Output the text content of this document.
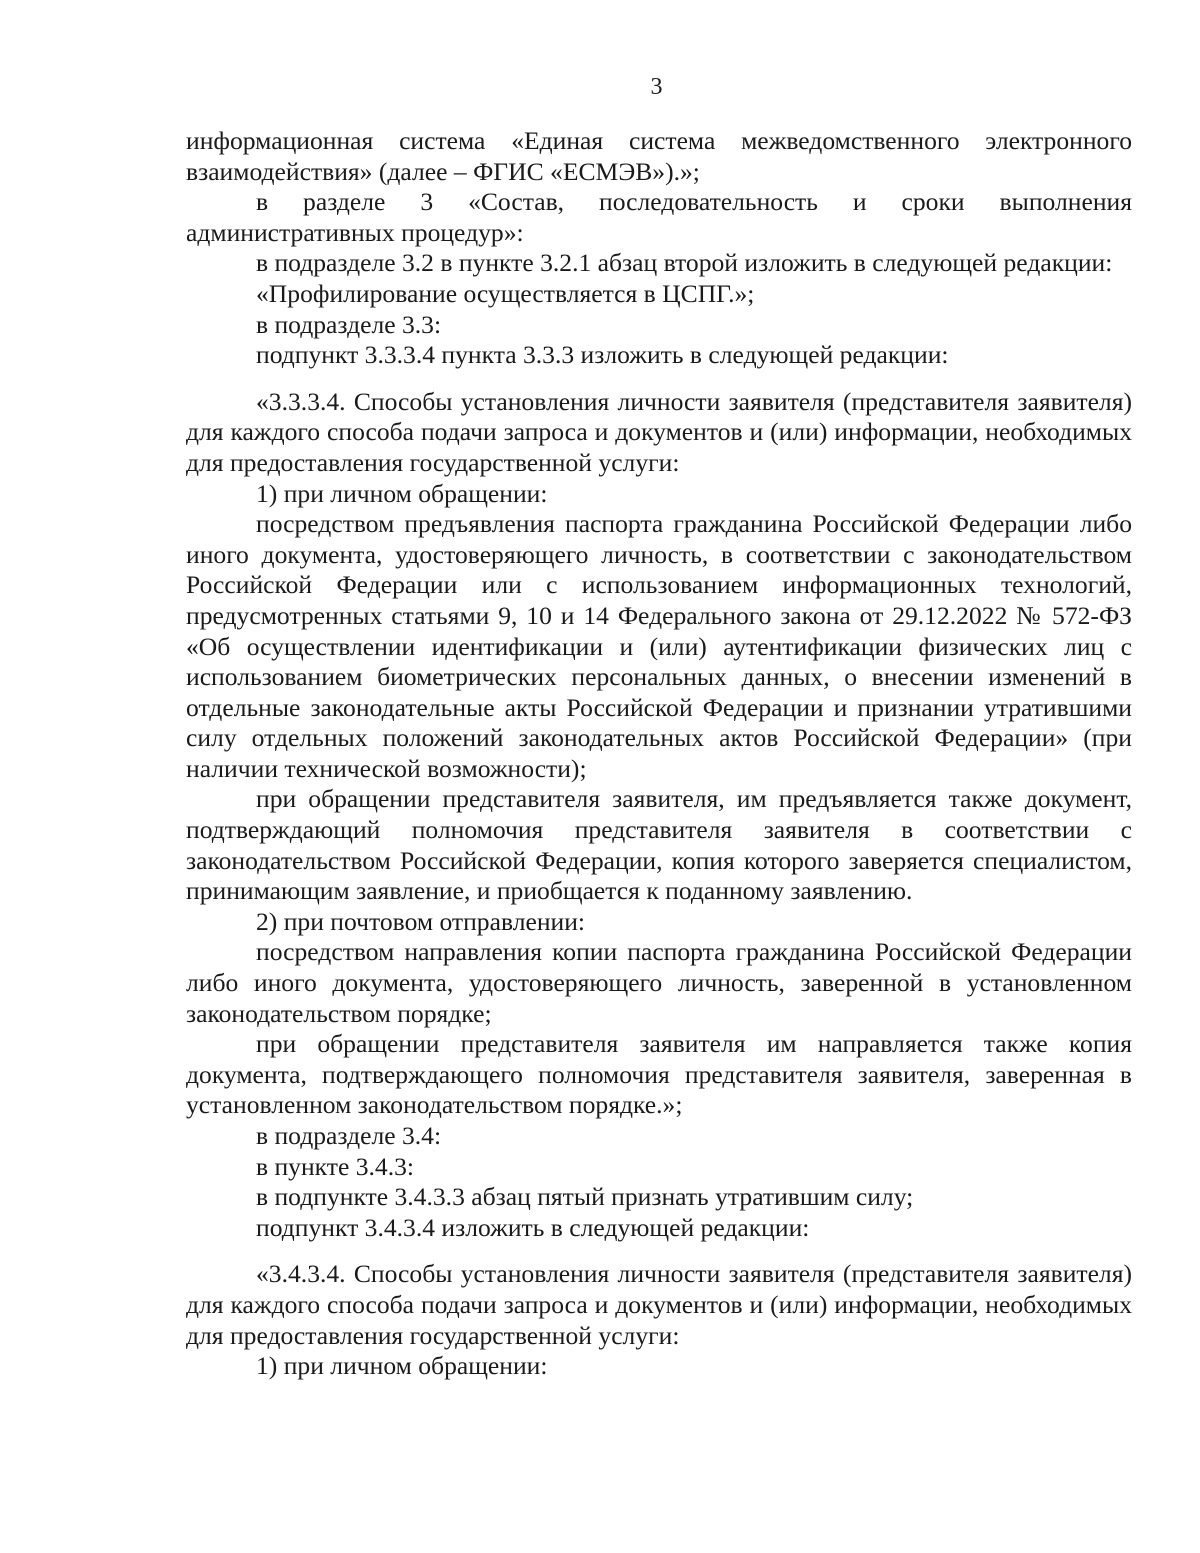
3

информационная система «Единая система межведомственного электронного взаимодействия» (далее – ФГИС «ЕСМЭВ»).»;

в разделе 3 «Состав, последовательность и сроки выполнения административных процедур»:

в подразделе 3.2 в пункте 3.2.1 абзац второй изложить в следующей редакции:

«Профилирование осуществляется в ЦСПГ.»;

в подразделе 3.3:

подпункт 3.3.3.4 пункта 3.3.3 изложить в следующей редакции:

«3.3.3.4. Способы установления личности заявителя (представителя заявителя) для каждого способа подачи запроса и документов и (или) информации, необходимых для предоставления государственной услуги:

1) при личном обращении:

посредством предъявления паспорта гражданина Российской Федерации либо иного документа, удостоверяющего личность, в соответствии с законодательством Российской Федерации или с использованием информационных технологий, предусмотренных статьями 9, 10 и 14 Федерального закона от 29.12.2022 № 572-ФЗ «Об осуществлении идентификации и (или) аутентификации физических лиц с использованием биометрических персональных данных, о внесении изменений в отдельные законодательные акты Российской Федерации и признании утратившими силу отдельных положений законодательных актов Российской Федерации» (при наличии технической возможности);

при обращении представителя заявителя, им предъявляется также документ, подтверждающий полномочия представителя заявителя в соответствии с законодательством Российской Федерации, копия которого заверяется специалистом, принимающим заявление, и приобщается к поданному заявлению.

2) при почтовом отправлении:

посредством направления копии паспорта гражданина Российской Федерации либо иного документа, удостоверяющего личность, заверенной в установленном законодательством порядке;

при обращении представителя заявителя им направляется также копия документа, подтверждающего полномочия представителя заявителя, заверенная в установленном законодательством порядке.»;

в подразделе 3.4:

в пункте 3.4.3:

в подпункте 3.4.3.3 абзац пятый признать утратившим силу;

подпункт 3.4.3.4 изложить в следующей редакции:

«3.4.3.4. Способы установления личности заявителя (представителя заявителя) для каждого способа подачи запроса и документов и (или) информации, необходимых для предоставления государственной услуги:

1) при личном обращении:
